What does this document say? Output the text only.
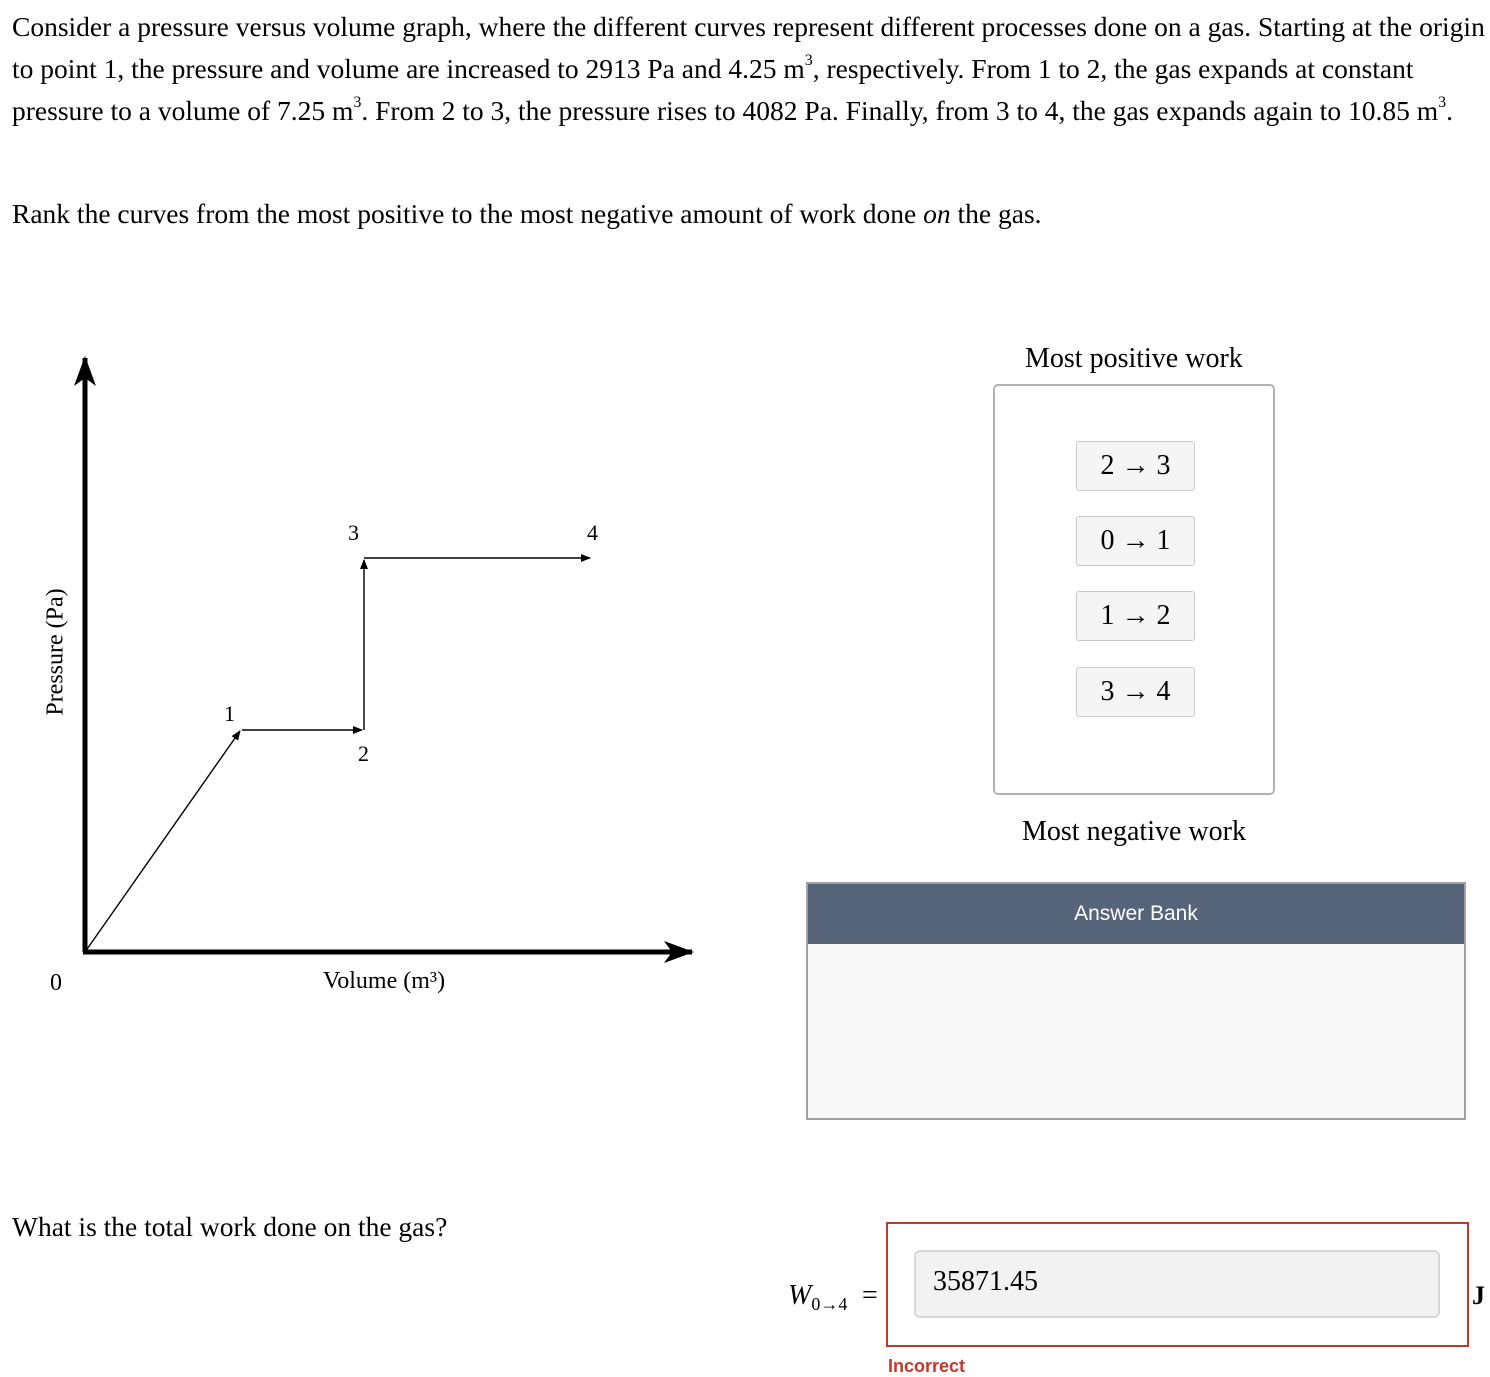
Consider a pressure versus volume graph, where the different curves represent different processes done on a gas. Starting at the origin to point 1, the pressure and volume are increased to 2913 Pa and 4.25 $m^3$, respectively. From 1 to 2, the gas expands at constant pressure to a volume of 7.25 $m^3$. From 2 to 3, the pressure rises to 4082 Pa. Finally, from 3 to 4, the gas expands again to 10.85 $m^3$.

Rank the curves from the most positive to the most negative amount of work done on the gas.
Pressure (Pa)
0	Volume (m³)
1
2
3	4
Most positive work
2 → 3
0 → 1
1 → 2
3 → 4
Most negative work
Answer Bank
What is the total work done on the gas?
$W_{0\to 4}$ =	35871.45	J
Incorrect
